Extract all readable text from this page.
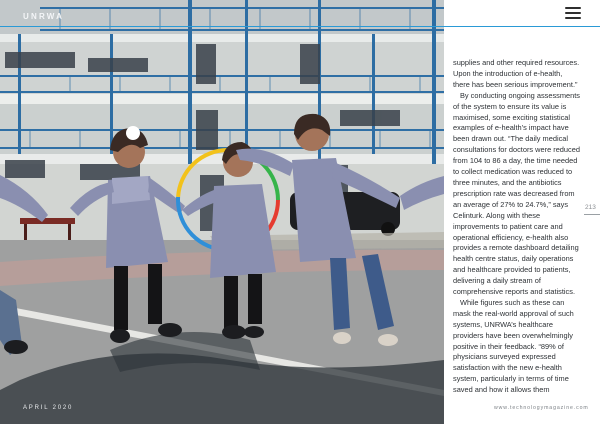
UNRWA
APRIL 2020

supplies and other required resources. Upon the introduction of e-health, there has been serious improvement.”

By conducting ongoing assessments of the system to ensure its value is maximised, some exciting statistical examples of e-health’s impact have been drawn out. “The daily medical consultations for doctors were reduced from 104 to 86 a day, the time needed to collect medication was reduced to three minutes, and the antibiotics prescription rate was decreased from an average of 27% to 24.7%,” says Celinturk. Along with these improvements to patient care and operational efficiency, e-health also provides a remote dashboard detailing health centre status, daily operations and healthcare provided to patients, delivering a daily stream of comprehensive reports and statistics.

While figures such as these can mask the real-world approval of such systems, UNRWA’s healthcare providers have been overwhelmingly positive in their feedback. “89% of physicians surveyed expressed satisfaction with the new e-health system, particularly in terms of time saved and how it allows them

213
www.technologymagazine.com
